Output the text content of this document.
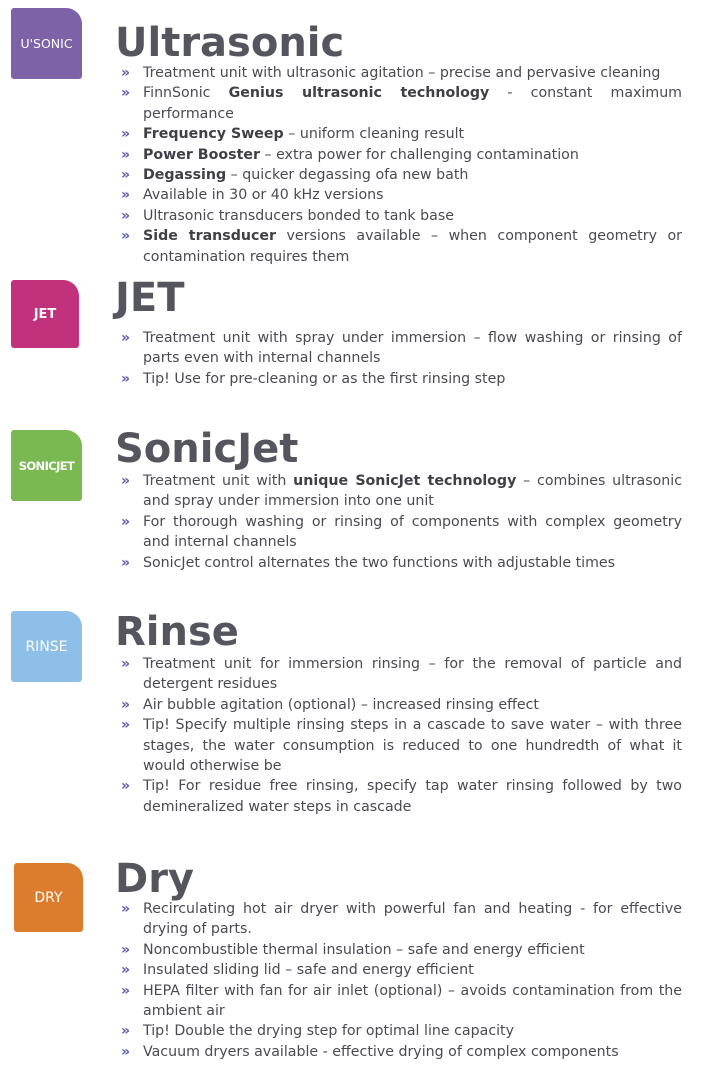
U'SONIC Ultrasonic
» Treatment unit with ultrasonic agitation – precise and pervasive cleaning
» FinnSonic Genius ultrasonic technology - constant maximum performance
» Frequency Sweep – uniform cleaning result
» Power Booster – extra power for challenging contamination
» Degassing – quicker degassing ofa new bath
» Available in 30 or 40 kHz versions
» Ultrasonic transducers bonded to tank base
» Side transducer versions available – when component geometry or contamination requires them
JET JET
» Treatment unit with spray under immersion – flow washing or rinsing of parts even with internal channels
» Tip! Use for pre-cleaning or as the first rinsing step
SONICJET SonicJet
» Treatment unit with unique SonicJet technology – combines ultrasonic and spray under immersion into one unit
» For thorough washing or rinsing of components with complex geometry and internal channels
» SonicJet control alternates the two functions with adjustable times
RINSE Rinse
» Treatment unit for immersion rinsing – for the removal of particle and detergent residues
» Air bubble agitation (optional) – increased rinsing effect
» Tip! Specify multiple rinsing steps in a cascade to save water – with three stages, the water consumption is reduced to one hundredth of what it would otherwise be
» Tip! For residue free rinsing, specify tap water rinsing followed by two demineralized water steps in cascade
DRY Dry
» Recirculating hot air dryer with powerful fan and heating - for effective drying of parts.
» Noncombustible thermal insulation – safe and energy efficient
» Insulated sliding lid – safe and energy efficient
» HEPA filter with fan for air inlet (optional) – avoids contamination from the ambient air
» Tip! Double the drying step for optimal line capacity
» Vacuum dryers available - effective drying of complex components
